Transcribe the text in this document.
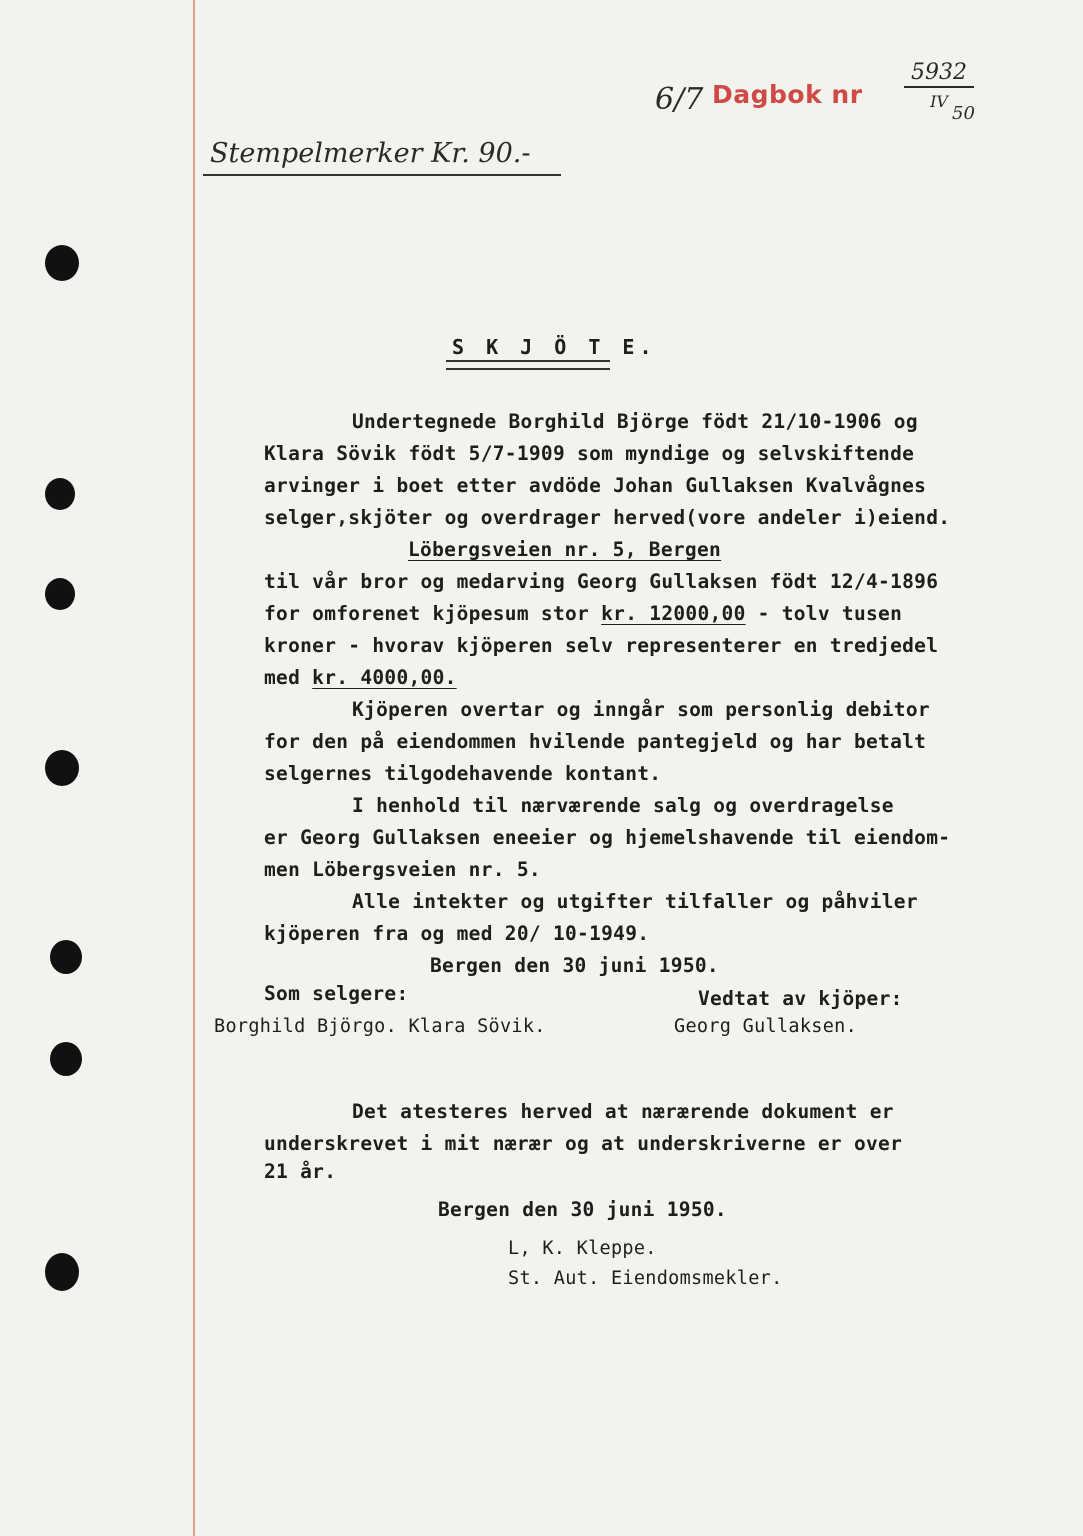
6/7 Dagbok nr
5932
IV
50
Stempelmerker Kr. 90.-
S K J Ö T E.
Undertegnede Borghild Björge födt 21/10-1906 og
Klara Sövik födt 5/7-1909 som myndige og selvskiftende
arvinger i boet etter avdöde Johan Gullaksen Kvalvågnes
selger,skjöter og overdrager herved(vore andeler i)eiend.
Löbergsveien nr. 5, Bergen
til vår bror og medarving Georg Gullaksen födt 12/4-1896
for omforenet kjöpesum stor kr. 12000,00 - tolv tusen
kroner - hvorav kjöperen selv representerer en tredjedel
med kr. 4000,00.
Kjöperen overtar og inngår som personlig debitor
for den på eiendommen hvilende pantegjeld og har betalt
selgernes tilgodehavende kontant.
I henhold til nærværende salg og overdragelse
er Georg Gullaksen eneeier og hjemelshavende til eiendom-
men Löbergsveien nr. 5.
Alle intekter og utgifter tilfaller og påhviler
kjöperen fra og med 20/ 10-1949.
Bergen den 30 juni 1950.
Som selgere:	Vedtat av kjöper:
Borghild Björgo. Klara Sövik.	Georg Gullaksen.
Det atesteres herved at nærærende dokument er
underskrevet i mit nærær og at underskriverne er over
21 år.
Bergen den 30 juni 1950.
L, K. Kleppe.
St. Aut. Eiendomsmekler.
